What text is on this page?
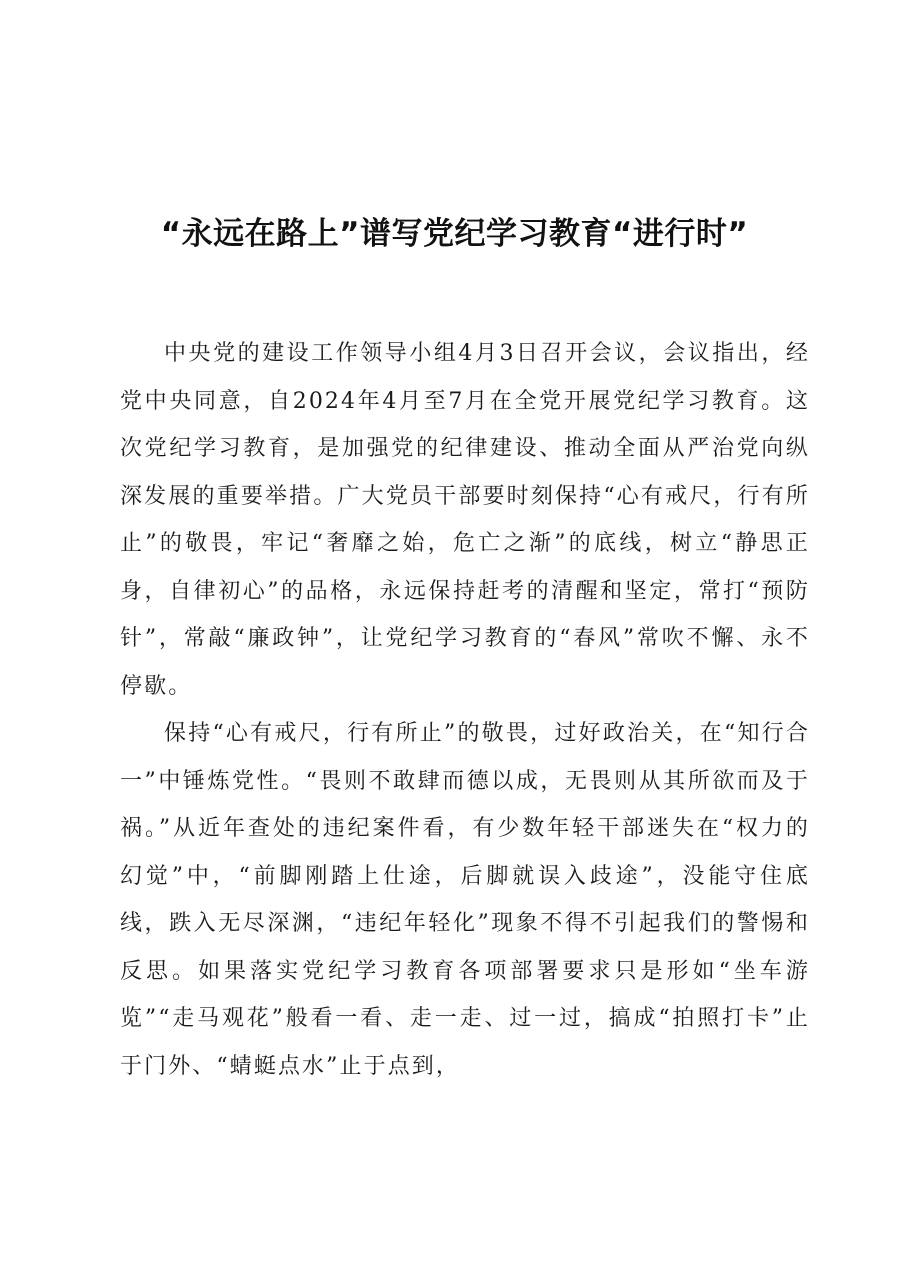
“永远在路上”谱写党纪学习教育“进行时”

中央党的建设工作领导小组4月3日召开会议，会议指出，经党中央同意，自2024年4月至7月在全党开展党纪学习教育。这次党纪学习教育，是加强党的纪律建设、推动全面从严治党向纵深发展的重要举措。广大党员干部要时刻保持“心有戒尺，行有所止”的敬畏，牢记“奢靡之始，危亡之渐”的底线，树立“静思正身，自律初心”的品格，永远保持赶考的清醒和坚定，常打“预防针”，常敲“廉政钟”，让党纪学习教育的“春风”常吹不懈、永不停歇。

保持“心有戒尺，行有所止”的敬畏，过好政治关，在“知行合一”中锤炼党性。“畏则不敢肆而德以成，无畏则从其所欲而及于祸。”从近年查处的违纪案件看，有少数年轻干部迷失在“权力的幻觉”中，“前脚刚踏上仕途，后脚就误入歧途”，没能守住底线，跌入无尽深渊，“违纪年轻化”现象不得不引起我们的警惕和反思。如果落实党纪学习教育各项部署要求只是形如“坐车游览”“走马观花”般看一看、走一走、过一过，搞成“拍照打卡”止于门外、“蜻蜓点水”止于点到，
